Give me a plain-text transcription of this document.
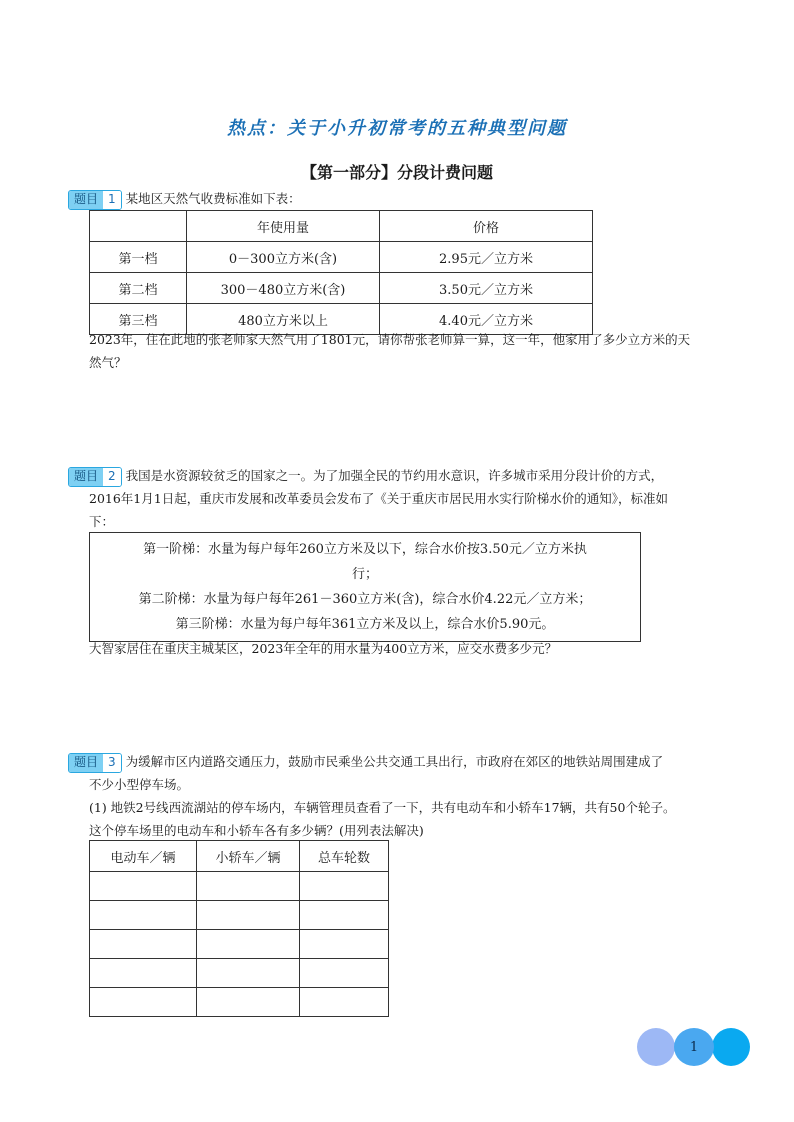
热点：关于小升初常考的五种典型问题
【第一部分】分段计费问题
题目 1 某地区天然气收费标准如下表：
	年使用量	价格
第一档	0－300立方米(含)	2.95元／立方米
第二档	300－480立方米(含)	3.50元／立方米
第三档	480立方米以上	4.40元／立方米
2023年，住在此地的张老师家天然气用了1801元，请你帮张老师算一算，这一年，他家用了多少立方米的天
然气？
题目 2 我国是水资源较贫乏的国家之一。为了加强全民的节约用水意识，许多城市采用分段计价的方式，
2016年1月1日起，重庆市发展和改革委员会发布了《关于重庆市居民用水实行阶梯水价的通知》，标准如
下：
第一阶梯：水量为每户每年260立方米及以下，综合水价按3.50元／立方米执
行；
第二阶梯：水量为每户每年261－360立方米(含)，综合水价4.22元／立方米；
第三阶梯：水量为每户每年361立方米及以上，综合水价5.90元。
大智家居住在重庆主城某区，2023年全年的用水量为400立方米，应交水费多少元？
题目 3 为缓解市区内道路交通压力，鼓励市民乘坐公共交通工具出行，市政府在郊区的地铁站周围建成了
不少小型停车场。
(1) 地铁2号线西流湖站的停车场内，车辆管理员查看了一下，共有电动车和小轿车17辆，共有50个轮子。
这个停车场里的电动车和小轿车各有多少辆？(用列表法解决)
电动车／辆	小轿车／辆	总车轮数

1
